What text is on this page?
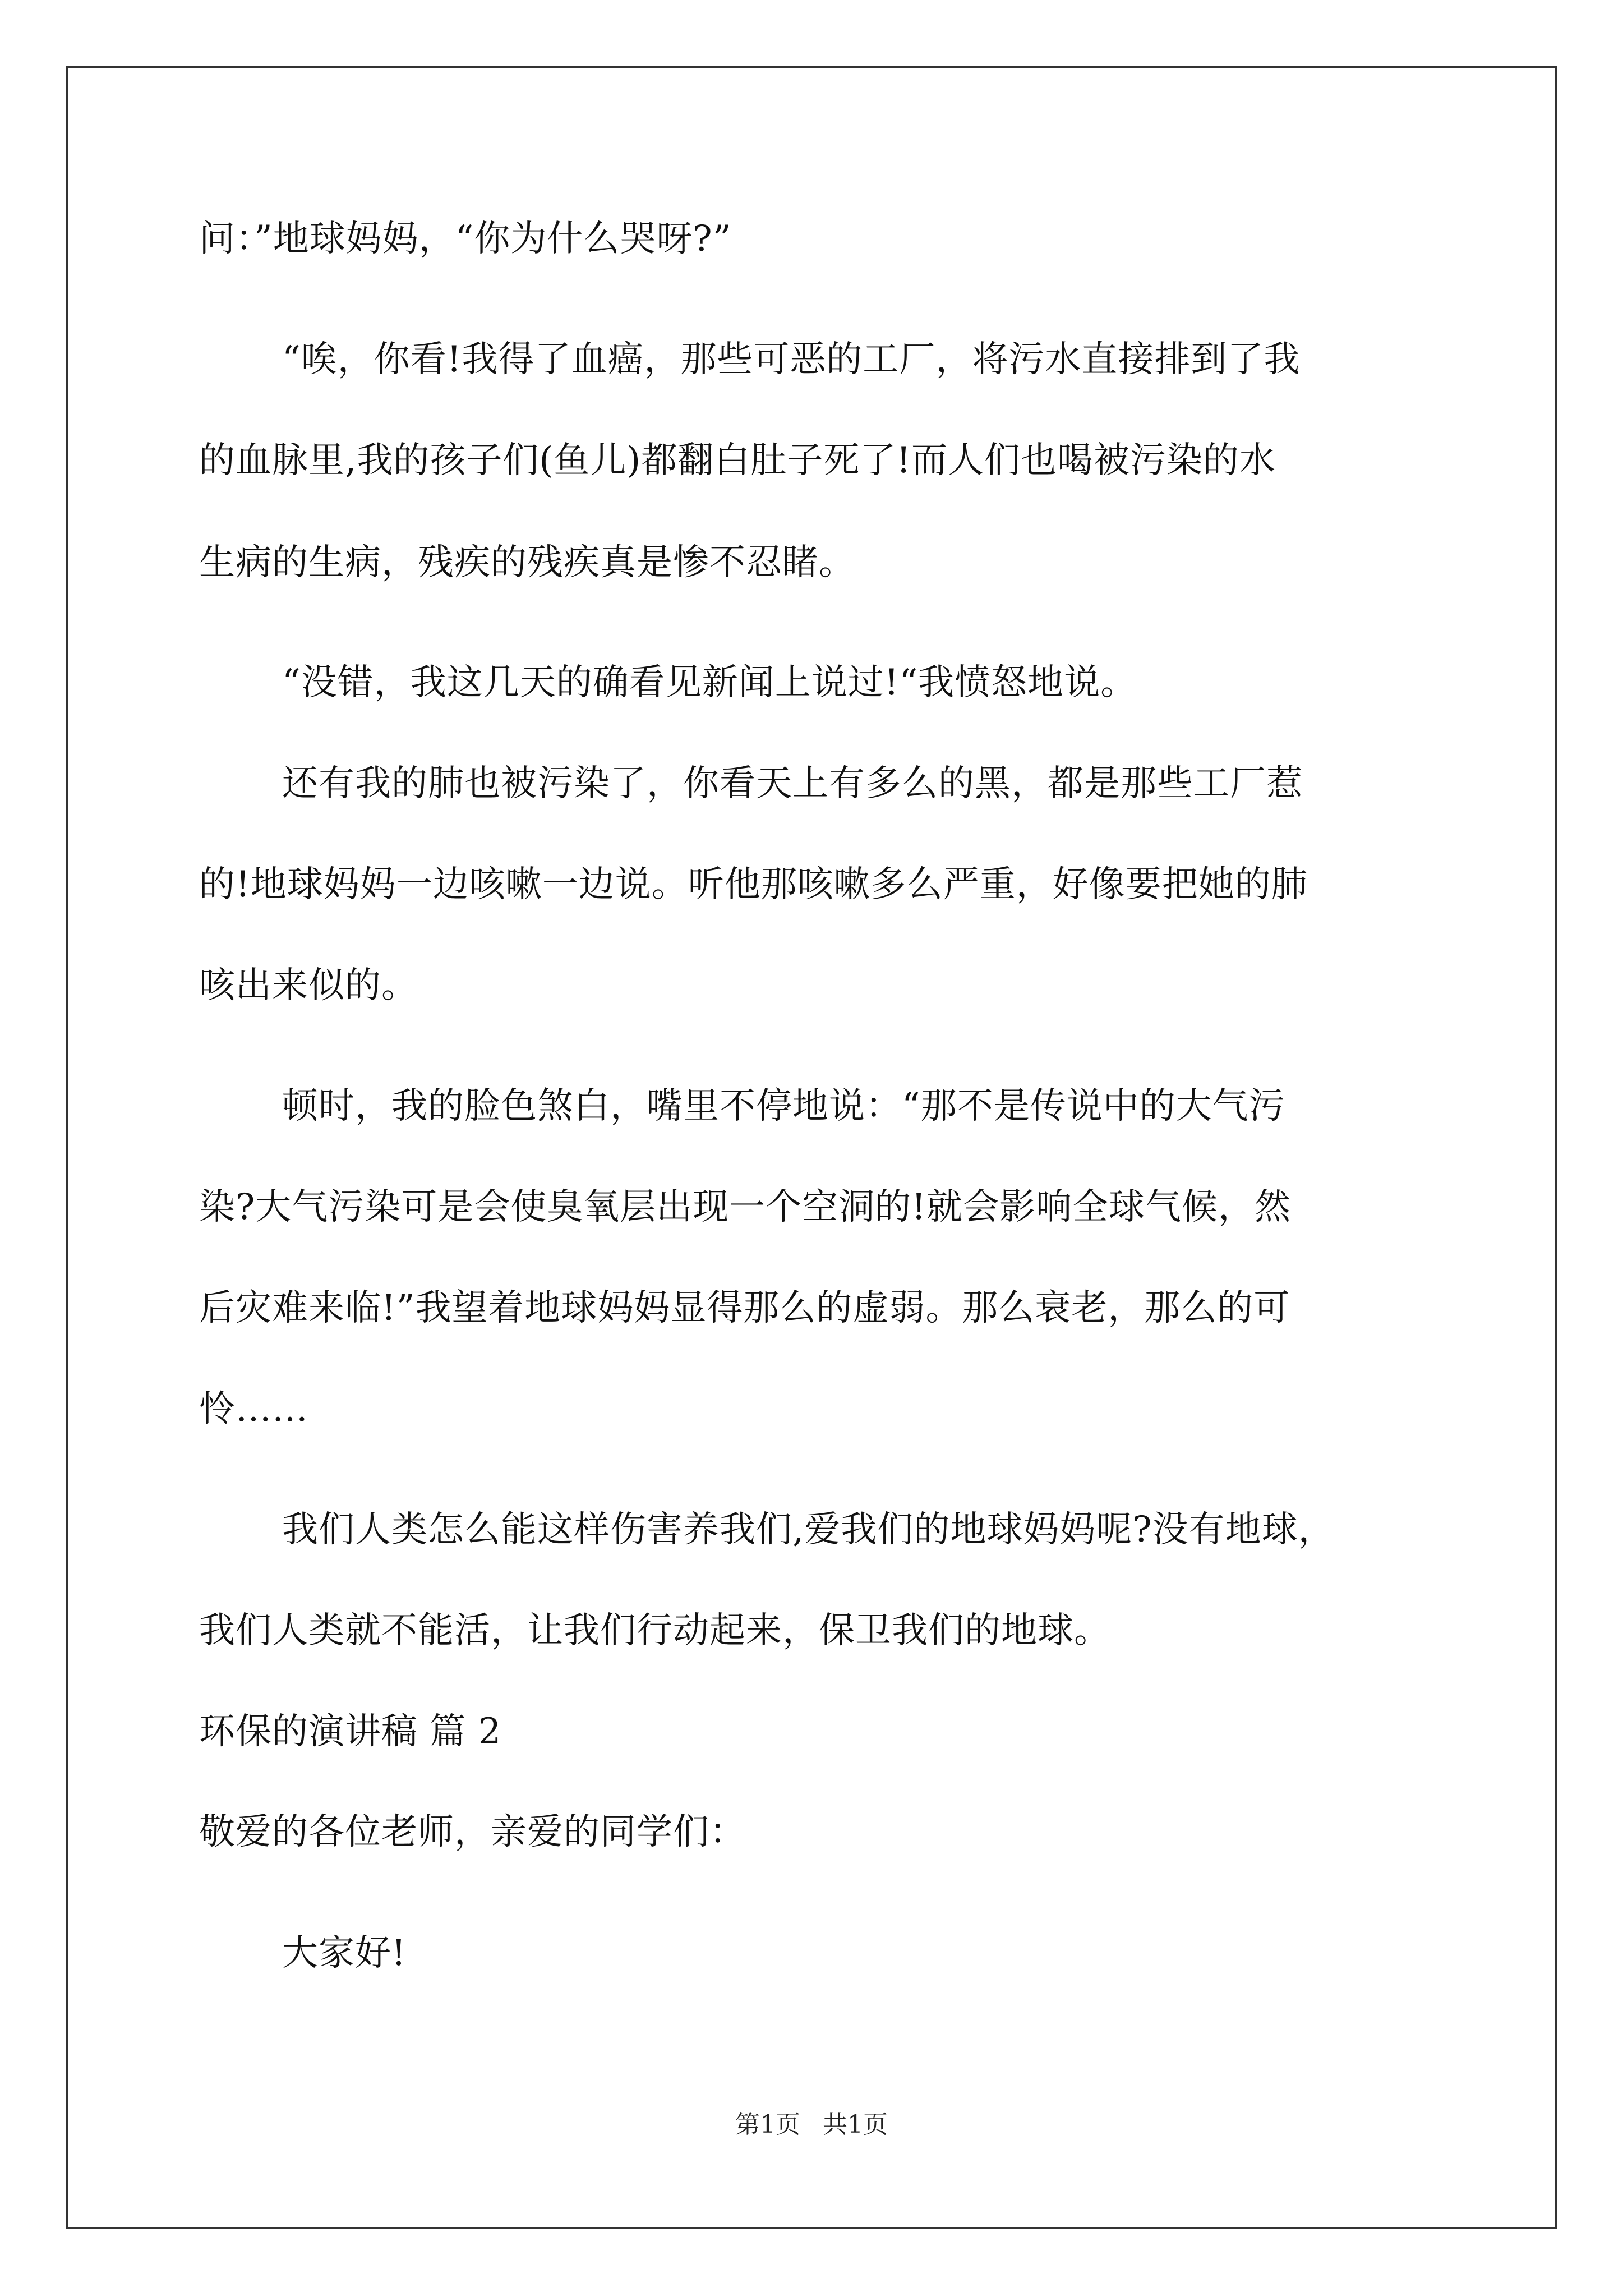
问：”地球妈妈，“你为什么哭呀?”
“唉，你看!我得了血癌，那些可恶的工厂，将污水直接排到了我
的血脉里,我的孩子们(鱼儿)都翻白肚子死了!而人们也喝被污染的水
生病的生病，残疾的残疾真是惨不忍睹。
“没错，我这几天的确看见新闻上说过!“我愤怒地说。
还有我的肺也被污染了，你看天上有多么的黑，都是那些工厂惹
的!地球妈妈一边咳嗽一边说。听他那咳嗽多么严重，好像要把她的肺
咳出来似的。
顿时，我的脸色煞白，嘴里不停地说：“那不是传说中的大气污
染?大气污染可是会使臭氧层出现一个空洞的!就会影响全球气候，然
后灾难来临!”我望着地球妈妈显得那么的虚弱。那么衰老，那么的可
怜……
我们人类怎么能这样伤害养我们,爱我们的地球妈妈呢?没有地球，
我们人类就不能活，让我们行动起来，保卫我们的地球。
环保的演讲稿 篇 2
敬爱的各位老师，亲爱的同学们：
大家好!
第1页 共1页
